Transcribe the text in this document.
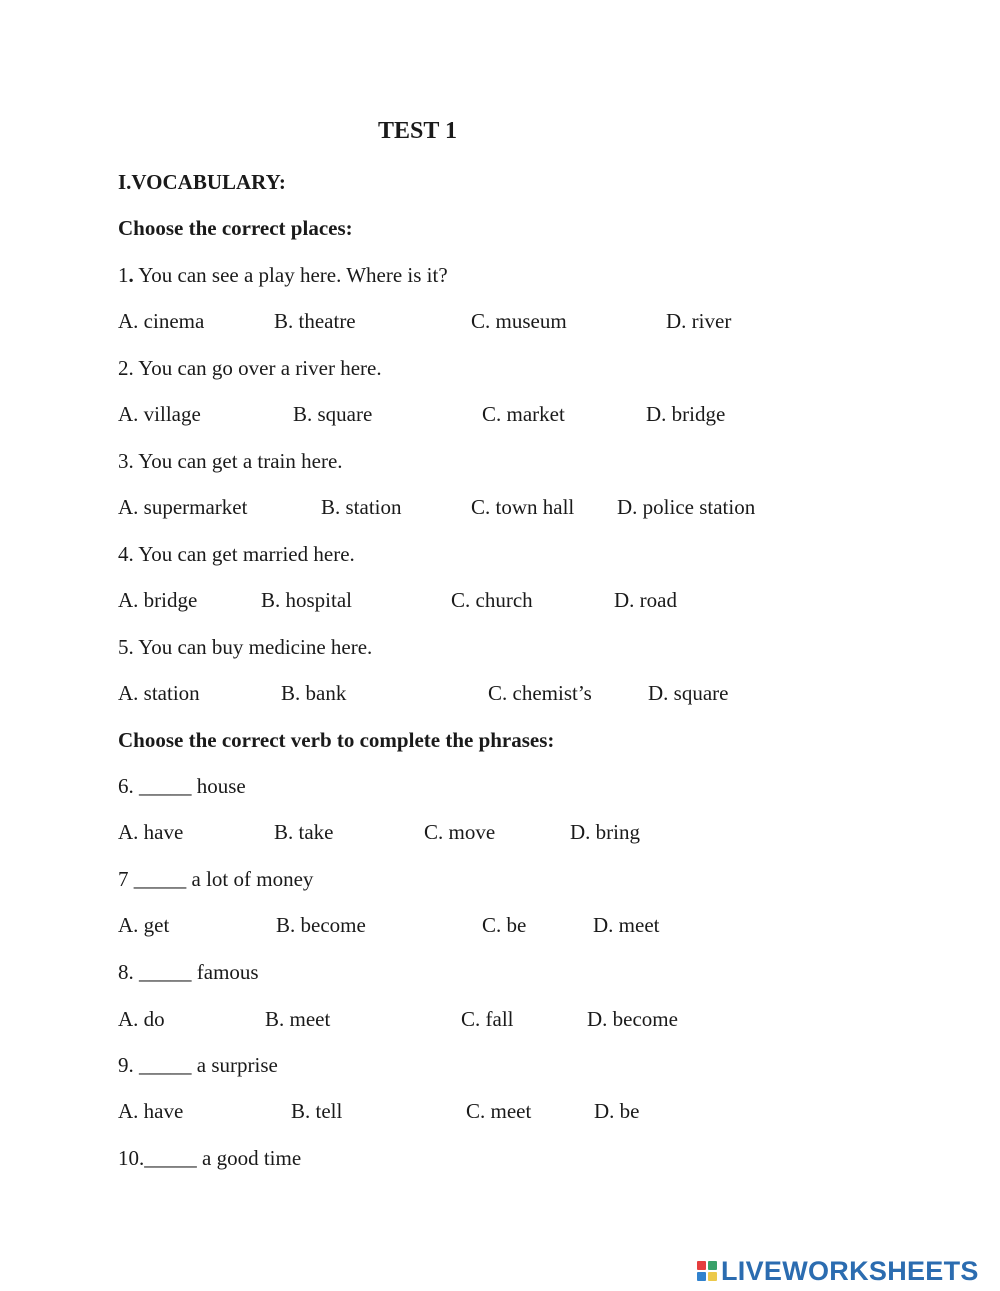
TEST 1
I.VOCABULARY:
Choose the correct places:
1. You can see a play here. Where is it?
A. cinema	B. theatre	C. museum	D. river
2. You can go over a river here.
A. village	B. square	C. market	D. bridge
3. You can get a train here.
A. supermarket	B. station	C. town hall D. police station
4. You can get married here.
A. bridge	B. hospital	C. church	D. road
5. You can buy medicine here.
A. station	B. bank	C. chemist’s	D. square
Choose the correct verb to complete the phrases:
6. _____ house
A. have	B. take	C. move	D. bring
7 _____ a lot of money
A. get	B. become	C. be	D. meet
8. _____ famous
A. do	B. meet	C. fall	D. become
9. _____ a surprise
A. have	B. tell	C. meet	D. be
10._____ a good time
LIVEWORKSHEETS
